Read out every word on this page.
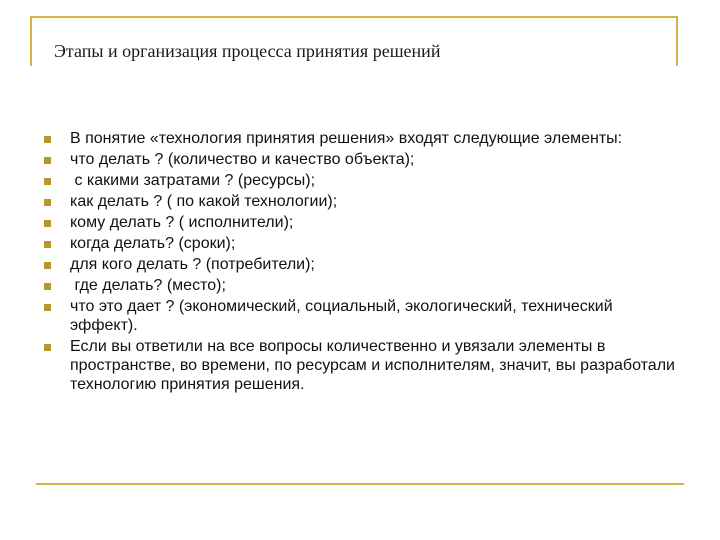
Этапы и организация процесса принятия решений
В понятие «технология принятия решения» входят следующие элементы:
что делать ? (количество и качество объекта);
с какими затратами ? (ресурсы);
как делать ? ( по какой технологии);
кому делать ? ( исполнители);
когда делать? (сроки);
для кого делать ? (потребители);
где делать? (место);
что это дает ? (экономический, социальный, экологический, технический эффект).
Если вы ответили на все вопросы количественно и увязали элементы в пространстве, во времени, по ресурсам и исполнителям, значит, вы разработали технологию принятия решения.
